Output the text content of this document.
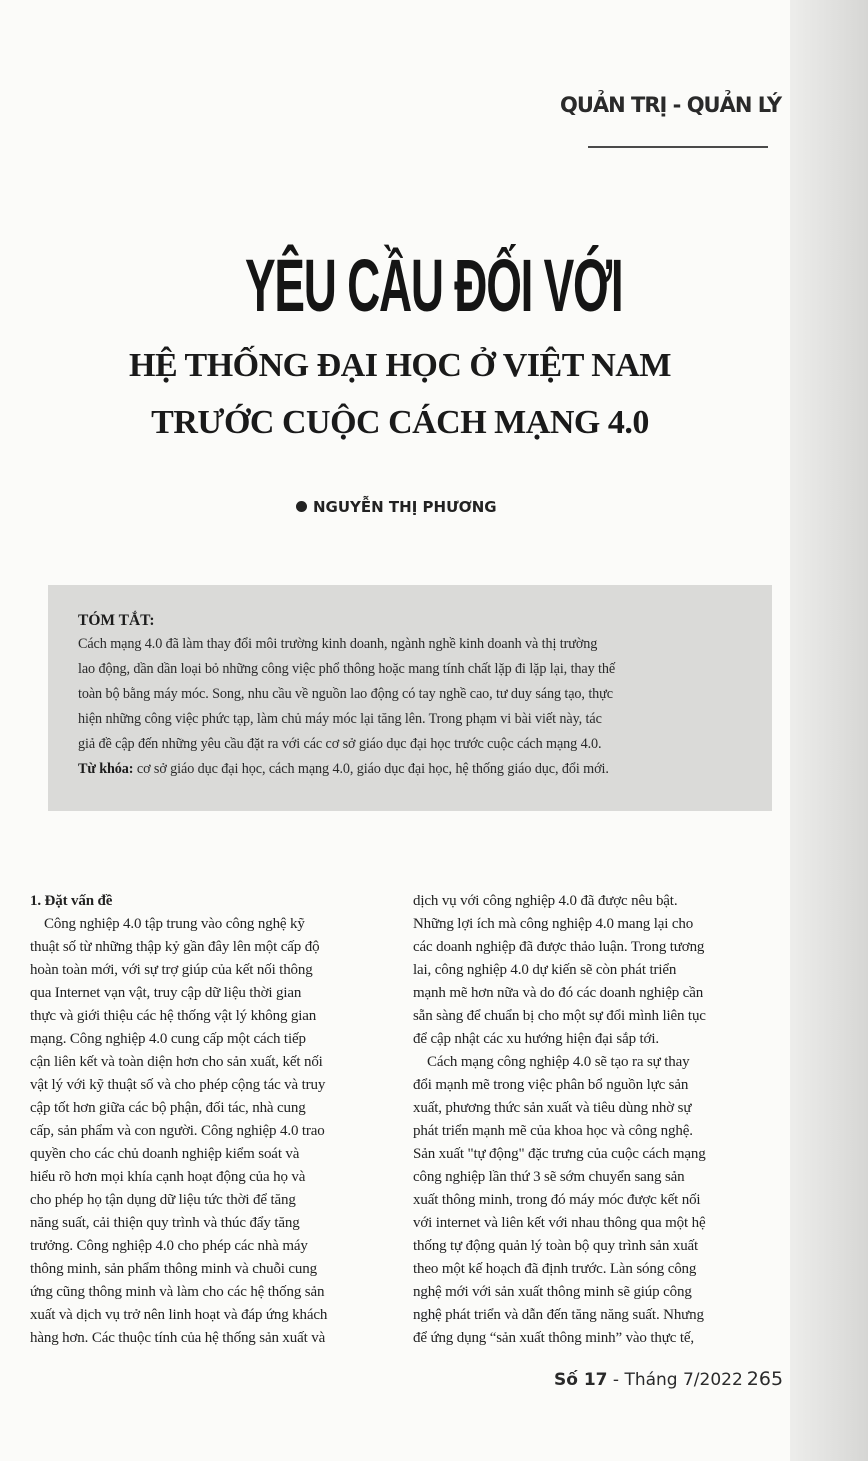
QUẢN TRỊ - QUẢN LÝ
YÊU CẦU ĐỐI VỚI
HỆ THỐNG ĐẠI HỌC Ở VIỆT NAM
TRƯỚC CUỘC CÁCH MẠNG 4.0
NGUYỄN THỊ PHƯƠNG
TÓM TẮT:
Cách mạng 4.0 đã làm thay đổi môi trường kinh doanh, ngành nghề kinh doanh và thị trường
lao động, dần dần loại bỏ những công việc phổ thông hoặc mang tính chất lặp đi lặp lại, thay thế
toàn bộ bằng máy móc. Song, nhu cầu về nguồn lao động có tay nghề cao, tư duy sáng tạo, thực
hiện những công việc phức tạp, làm chủ máy móc lại tăng lên. Trong phạm vi bài viết này, tác
giả đề cập đến những yêu cầu đặt ra với các cơ sở giáo dục đại học trước cuộc cách mạng 4.0.
Từ khóa: cơ sở giáo dục đại học, cách mạng 4.0, giáo dục đại học, hệ thống giáo dục, đổi mới.
1. Đặt vấn đề
Công nghiệp 4.0 tập trung vào công nghệ kỹ
thuật số từ những thập kỷ gần đây lên một cấp độ
hoàn toàn mới, với sự trợ giúp của kết nối thông
qua Internet vạn vật, truy cập dữ liệu thời gian
thực và giới thiệu các hệ thống vật lý không gian
mạng. Công nghiệp 4.0 cung cấp một cách tiếp
cận liên kết và toàn diện hơn cho sản xuất, kết nối
vật lý với kỹ thuật số và cho phép cộng tác và truy
cập tốt hơn giữa các bộ phận, đối tác, nhà cung
cấp, sản phẩm và con người. Công nghiệp 4.0 trao
quyền cho các chủ doanh nghiệp kiểm soát và
hiểu rõ hơn mọi khía cạnh hoạt động của họ và
cho phép họ tận dụng dữ liệu tức thời để tăng
năng suất, cải thiện quy trình và thúc đẩy tăng
trưởng. Công nghiệp 4.0 cho phép các nhà máy
thông minh, sản phẩm thông minh và chuỗi cung
ứng cũng thông minh và làm cho các hệ thống sản
xuất và dịch vụ trở nên linh hoạt và đáp ứng khách
hàng hơn. Các thuộc tính của hệ thống sản xuất và
dịch vụ với công nghiệp 4.0 đã được nêu bật.
Những lợi ích mà công nghiệp 4.0 mang lại cho
các doanh nghiệp đã được thảo luận. Trong tương
lai, công nghiệp 4.0 dự kiến sẽ còn phát triển
mạnh mẽ hơn nữa và do đó các doanh nghiệp cần
sẵn sàng để chuẩn bị cho một sự đổi mình liên tục
để cập nhật các xu hướng hiện đại sắp tới.
Cách mạng công nghiệp 4.0 sẽ tạo ra sự thay
đổi mạnh mẽ trong việc phân bổ nguồn lực sản
xuất, phương thức sản xuất và tiêu dùng nhờ sự
phát triển mạnh mẽ của khoa học và công nghệ.
Sản xuất "tự động" đặc trưng của cuộc cách mạng
công nghiệp lần thứ 3 sẽ sớm chuyển sang sản
xuất thông minh, trong đó máy móc được kết nối
với internet và liên kết với nhau thông qua một hệ
thống tự động quản lý toàn bộ quy trình sản xuất
theo một kế hoạch đã định trước. Làn sóng công
nghệ mới với sản xuất thông minh sẽ giúp công
nghệ phát triển và dẫn đến tăng năng suất. Nhưng
để ứng dụng “sản xuất thông minh” vào thực tế,
Số 17 - Tháng 7/2022 265
